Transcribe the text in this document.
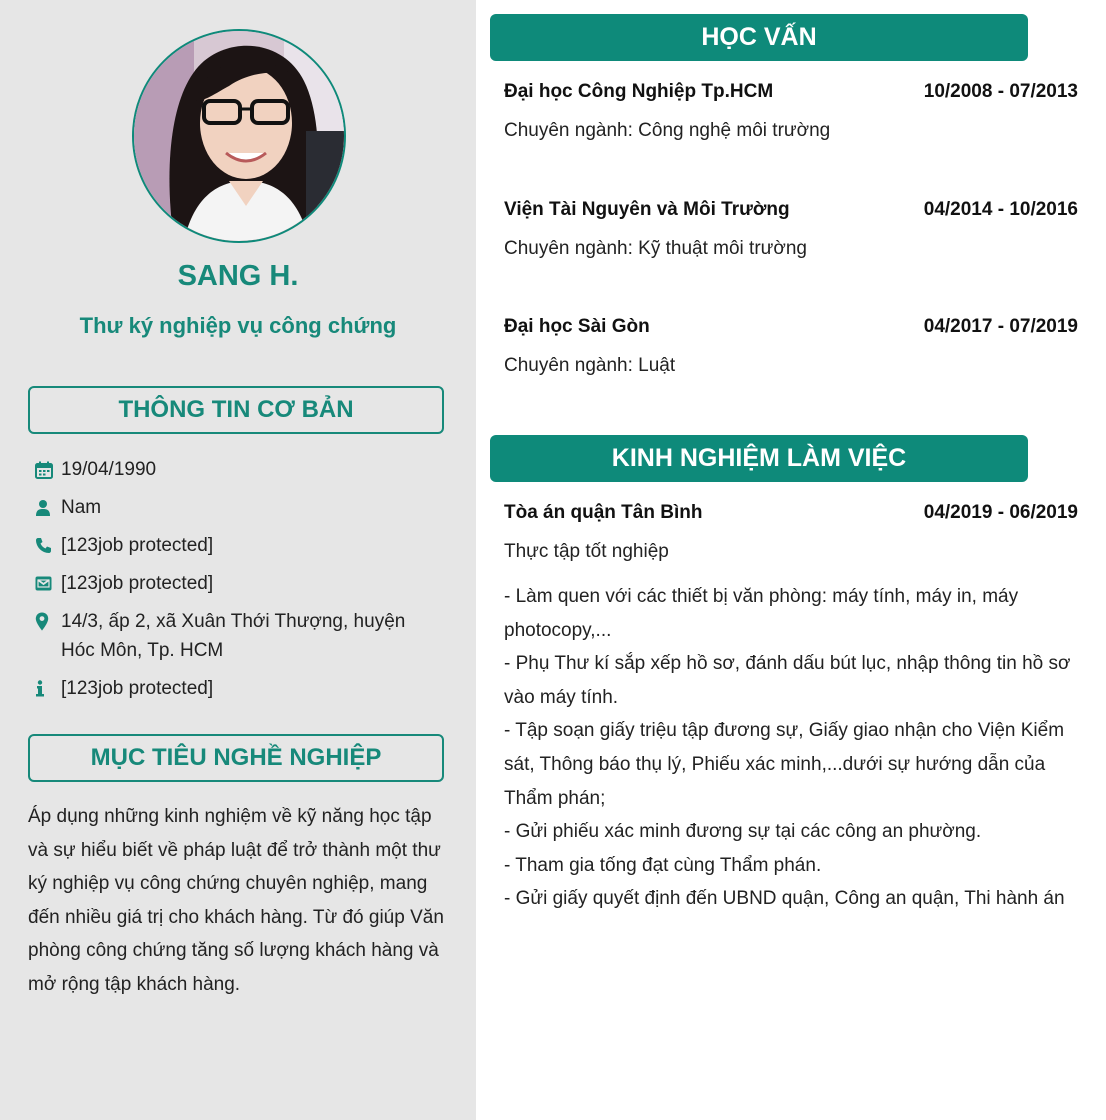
SANG H.
Thư ký nghiệp vụ công chứng
THÔNG TIN CƠ BẢN
19/04/1990
Nam
[123job protected]
[123job protected]
14/3, ấp 2, xã Xuân Thới Thượng, huyện Hóc Môn, Tp. HCM
[123job protected]
MỤC TIÊU NGHỀ NGHIỆP
Áp dụng những kinh nghiệm về kỹ năng học tập và sự hiểu biết về pháp luật để trở thành một thư ký nghiệp vụ công chứng chuyên nghiệp, mang đến nhiều giá trị cho khách hàng. Từ đó giúp Văn phòng công chứng tăng số lượng khách hàng và mở rộng tập khách hàng.
HỌC VẤN
Đại học Công Nghiệp Tp.HCM	10/2008 - 07/2013
Chuyên ngành: Công nghệ môi trường
Viện Tài Nguyên và Môi Trường	04/2014 - 10/2016
Chuyên ngành: Kỹ thuật môi trường
Đại học Sài Gòn	04/2017 - 07/2019
Chuyên ngành: Luật
KINH NGHIỆM LÀM VIỆC
Tòa án quận Tân Bình	04/2019 - 06/2019
Thực tập tốt nghiệp
- Làm quen với các thiết bị văn phòng: máy tính, máy in, máy photocopy,...
- Phụ Thư kí sắp xếp hồ sơ, đánh dấu bút lục, nhập thông tin hồ sơ vào máy tính.
- Tập soạn giấy triệu tập đương sự, Giấy giao nhận cho Viện Kiểm sát, Thông báo thụ lý, Phiếu xác minh,...dưới sự hướng dẫn của Thẩm phán;
- Gửi phiếu xác minh đương sự tại các công an phường.
- Tham gia tống đạt cùng Thẩm phán.
- Gửi giấy quyết định đến UBND quận, Công an quận, Thi hành án
